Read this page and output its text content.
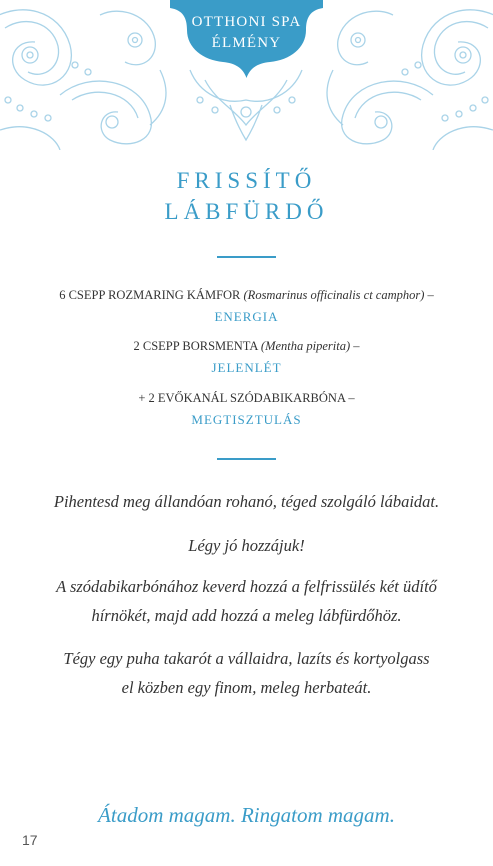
OTTHONI SPA
ÉLMÉNY
FRISSÍTŐ
LÁBFÜRDŐ
6 CSEPP ROZMARING KÁMFOR (Rosmarinus officinalis ct camphor) –
ENERGIA
2 CSEPP BORSMENTA (Mentha piperita) –
JELENLÉT
+ 2 EVŐKANÁL SZÓDABIKARBÓNA –
MEGTISZTULÁS

Pihentesd meg állandóan rohanó, téged szolgáló lábaidat.

Légy jó hozzájuk!

A szódabikarbónához keverd hozzá a felfrissülés két üdítő

hírnökét, majd add hozzá a meleg lábfürdőhöz.

Tégy egy puha takarót a vállaidra, lazíts és kortyolgass

el közben egy finom, meleg herbateát.

Átadom magam. Ringatom magam.
17
